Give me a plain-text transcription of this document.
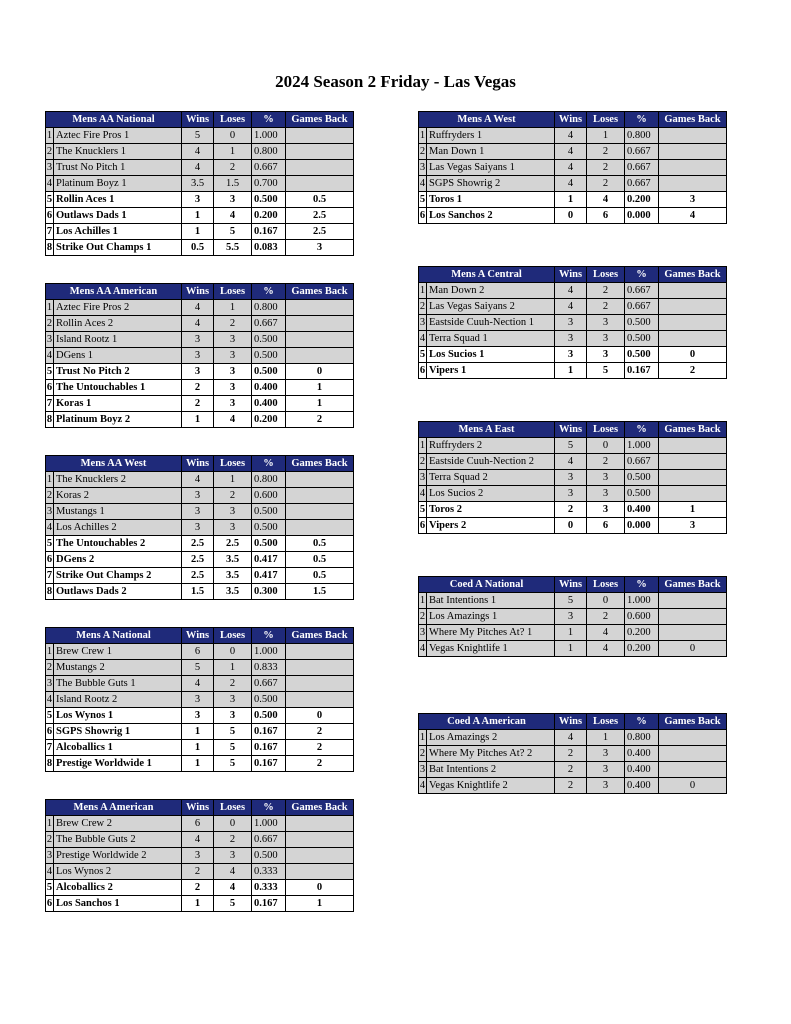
2024 Season 2 Friday - Las Vegas
Mens AA National		Wins	Loses	%	Games Back
1	Aztec Fire Pros 1	5	0	1.000	
2	The Knucklers 1	4	1	0.800	
3	Trust No Pitch 1	4	2	0.667	
4	Platinum Boyz 1	3.5	1.5	0.700	
5	Rollin Aces 1	3	3	0.500	0.5
6	Outlaws Dads 1	1	4	0.200	2.5
7	Los Achilles 1	1	5	0.167	2.5
8	Strike Out Champs 1	0.5	5.5	0.083	3
Mens AA American		Wins	Loses	%	Games Back
1	Aztec Fire Pros 2	4	1	0.800	
2	Rollin Aces 2	4	2	0.667	
3	Island Rootz 1	3	3	0.500	
4	DGens 1	3	3	0.500	
5	Trust No Pitch 2	3	3	0.500	0
6	The Untouchables 1	2	3	0.400	1
7	Koras 1	2	3	0.400	1
8	Platinum Boyz 2	1	4	0.200	2
Mens AA West		Wins	Loses	%	Games Back
1	The Knucklers 2	4	1	0.800	
2	Koras 2	3	2	0.600	
3	Mustangs 1	3	3	0.500	
4	Los Achilles 2	3	3	0.500	
5	The Untouchables 2	2.5	2.5	0.500	0.5
6	DGens 2	2.5	3.5	0.417	0.5
7	Strike Out Champs 2	2.5	3.5	0.417	0.5
8	Outlaws Dads 2	1.5	3.5	0.300	1.5
Mens A National		Wins	Loses	%	Games Back
1	Brew Crew 1	6	0	1.000	
2	Mustangs 2	5	1	0.833	
3	The Bubble Guts 1	4	2	0.667	
4	Island Rootz 2	3	3	0.500	
5	Los Wynos 1	3	3	0.500	0
6	SGPS Showrig 1	1	5	0.167	2
7	Alcoballics 1	1	5	0.167	2
8	Prestige Worldwide 1	1	5	0.167	2
Mens A American		Wins	Loses	%	Games Back
1	Brew Crew 2	6	0	1.000	
2	The Bubble Guts 2	4	2	0.667	
3	Prestige Worldwide 2	3	3	0.500	
4	Los Wynos 2	2	4	0.333	
5	Alcoballics 2	2	4	0.333	0
6	Los Sanchos 1	1	5	0.167	1
Mens A West		Wins	Loses	%	Games Back
1	Ruffryders 1	4	1	0.800	
2	Man Down 1	4	2	0.667	
3	Las Vegas Saiyans 1	4	2	0.667	
4	SGPS Showrig 2	4	2	0.667	
5	Toros 1	1	4	0.200	3
6	Los Sanchos 2	0	6	0.000	4
Mens A Central		Wins	Loses	%	Games Back
1	Man Down 2	4	2	0.667	
2	Las Vegas Saiyans 2	4	2	0.667	
3	Eastside Cuuh-Nection 1	3	3	0.500	
4	Terra Squad 1	3	3	0.500	
5	Los Sucios 1	3	3	0.500	0
6	Vipers 1	1	5	0.167	2
Mens A East		Wins	Loses	%	Games Back
1	Ruffryders 2	5	0	1.000	
2	Eastside Cuuh-Nection 2	4	2	0.667	
3	Terra Squad 2	3	3	0.500	
4	Los Sucios 2	3	3	0.500	
5	Toros 2	2	3	0.400	1
6	Vipers 2	0	6	0.000	3
Coed A National		Wins	Loses	%	Games Back
1	Bat Intentions 1	5	0	1.000	
2	Los Amazings 1	3	2	0.600	
3	Where My Pitches At? 1	1	4	0.200	
4	Vegas Knightlife 1	1	4	0.200	0
Coed A American		Wins	Loses	%	Games Back
1	Los Amazings 2	4	1	0.800	
2	Where My Pitches At? 2	2	3	0.400	
3	Bat Intentions 2	2	3	0.400	
4	Vegas Knightlife 2	2	3	0.400	0
